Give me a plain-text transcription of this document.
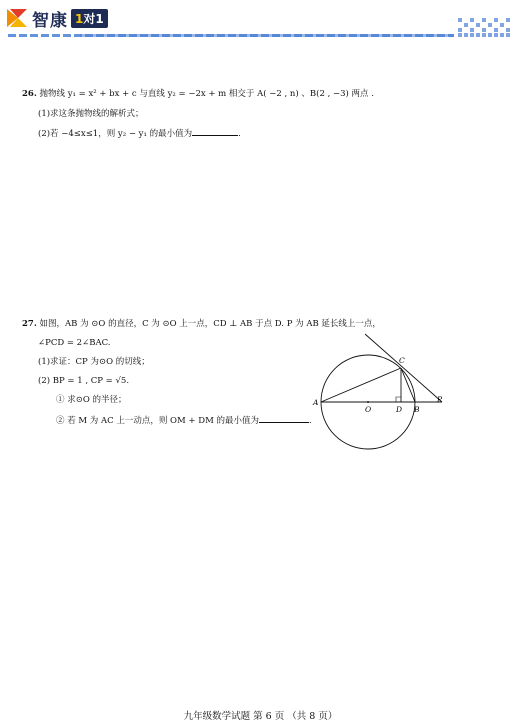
智康 1对1
26. 抛物线 y₁ = x² + bx + c 与直线 y₂ = −2x + m 相交于 A( −2 , n) 、B(2 , −3) 两点 .
(1)求这条抛物线的解析式；
(2)若 −4≤x≤1，则 y₂ − y₁ 的最小值为	.
27. 如图，AB 为 ⊙O 的直径，C 为 ⊙O 上一点，CD ⊥ AB 于点 D. P 为 AB 延长线上一点，
∠PCD = 2∠BAC.
(1)求证：CP 为⊙O 的切线；
(2) BP = 1 , CP = √5.
① 求⊙O 的半径；
② 若 M 为 AC 上一动点，则 OM + DM 的最小值为	.
A
O	D B
P
C
九年级数学试题 第 6 页 （共 8 页）
